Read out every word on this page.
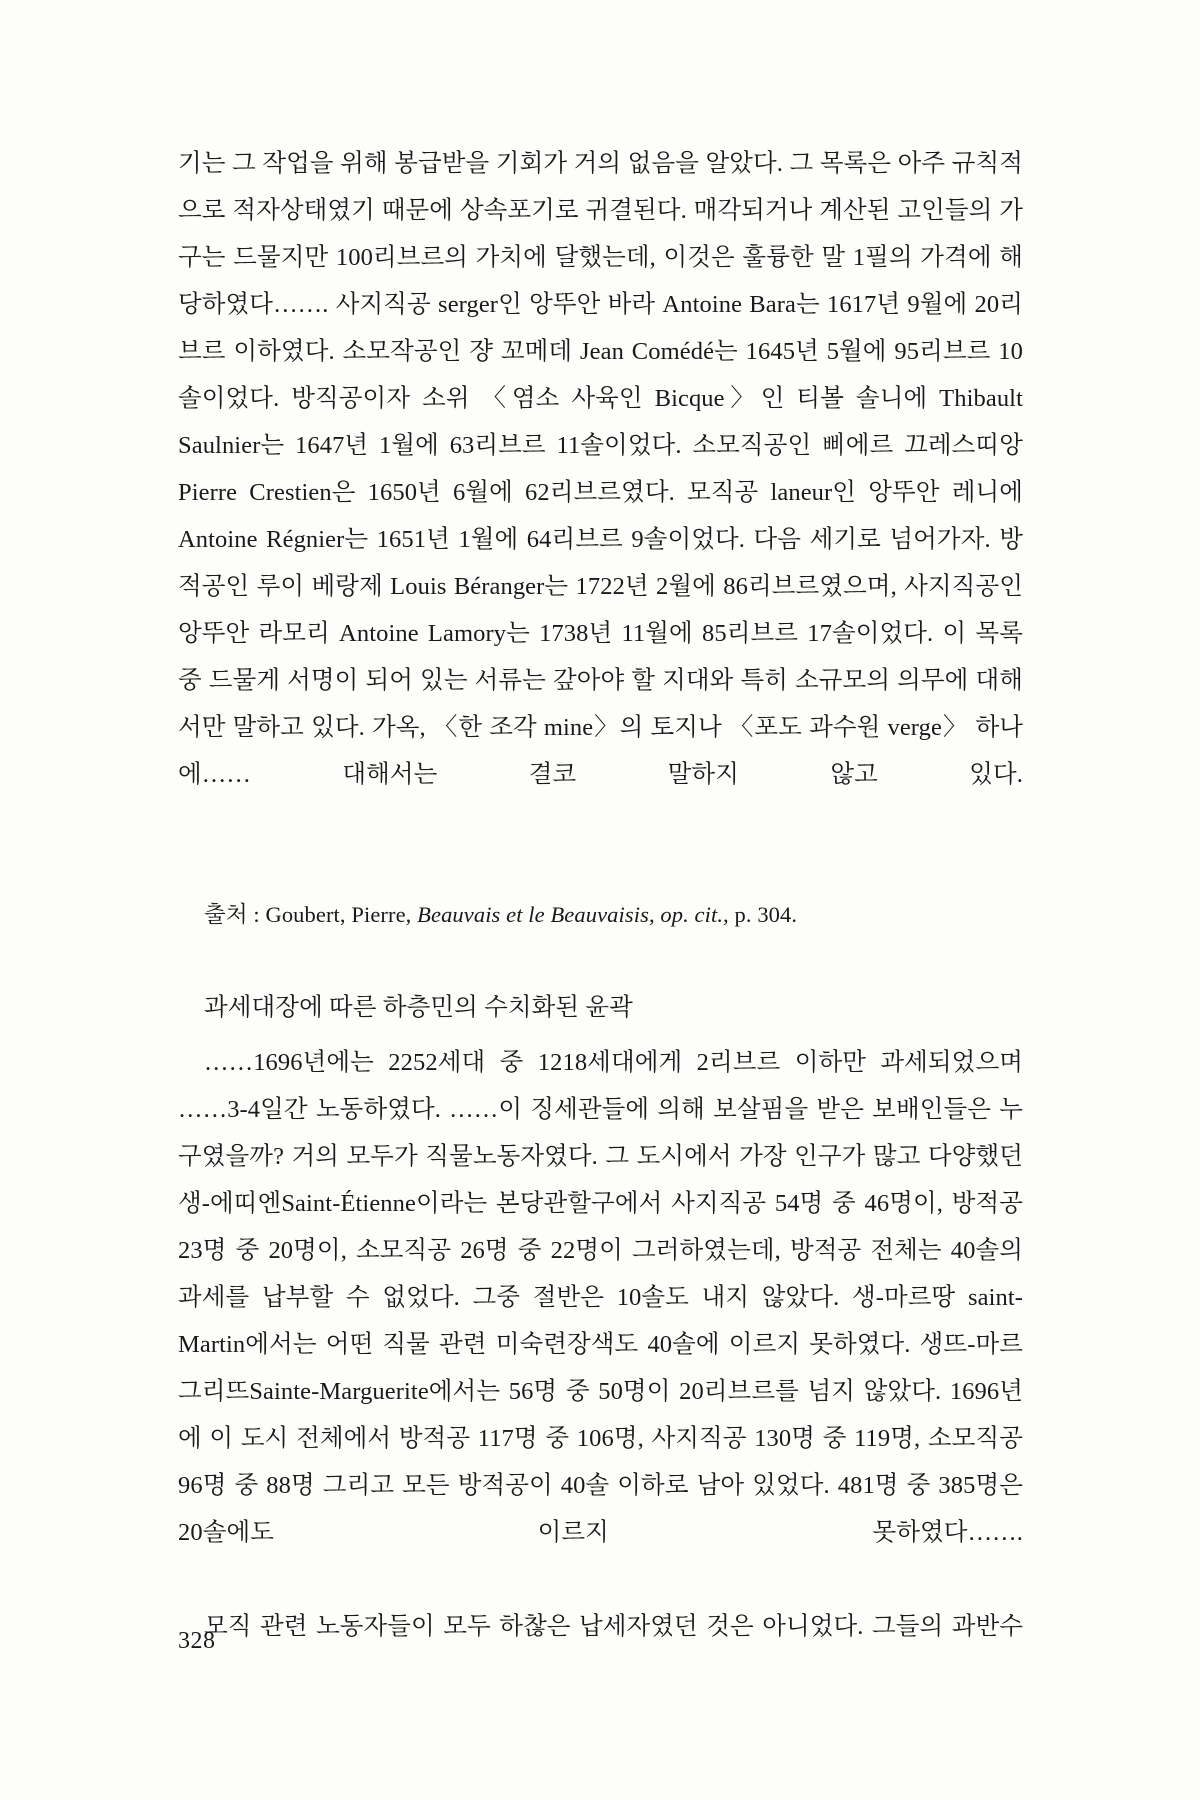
기는 그 작업을 위해 봉급받을 기회가 거의 없음을 알았다. 그 목록은 아주 규칙적으로 적자상태였기 때문에 상속포기로 귀결된다. 매각되거나 계산된 고인들의 가구는 드물지만 100리브르의 가치에 달했는데, 이것은 훌륭한 말 1필의 가격에 해당하였다……. 사지직공 serger인 앙뚜안 바라 Antoine Bara는 1617년 9월에 20리브르 이하였다. 소모작공인 쟝 꼬메데 Jean Comédé는 1645년 5월에 95리브르 10솔이었다. 방직공이자 소위 〈염소 사육인 Bicque〉인 티볼 솔니에 Thibault Saulnier는 1647년 1월에 63리브르 11솔이었다. 소모직공인 삐에르 끄레스띠앙 Pierre Crestien은 1650년 6월에 62리브르였다. 모직공 laneur인 앙뚜안 레니에 Antoine Régnier는 1651년 1월에 64리브르 9솔이었다. 다음 세기로 넘어가자. 방적공인 루이 베랑제 Louis Béranger는 1722년 2월에 86리브르였으며, 사지직공인 앙뚜안 라모리 Antoine Lamory는 1738년 11월에 85리브르 17솔이었다. 이 목록 중 드물게 서명이 되어 있는 서류는 갚아야 할 지대와 특히 소규모의 의무에 대해서만 말하고 있다. 가옥, 〈한 조각 mine〉의 토지나 〈포도 과수원 verge〉 하나에…… 대해서는 결코 말하지 않고 있다.

출처 : Goubert, Pierre, Beauvais et le Beauvaisis, op. cit., p. 304.

과세대장에 따른 하층민의 수치화된 윤곽

……1696년에는 2252세대 중 1218세대에게 2리브르 이하만 과세되었으며 ……3-4일간 노동하였다. ……이 징세관들에 의해 보살핌을 받은 보배인들은 누구였을까? 거의 모두가 직물노동자였다. 그 도시에서 가장 인구가 많고 다양했던 생-에띠엔Saint-Étienne이라는 본당관할구에서 사지직공 54명 중 46명이, 방적공 23명 중 20명이, 소모직공 26명 중 22명이 그러하였는데, 방적공 전체는 40솔의 과세를 납부할 수 없었다. 그중 절반은 10솔도 내지 않았다. 생-마르땅 saint-Martin에서는 어떤 직물 관련 미숙련장색도 40솔에 이르지 못하였다. 생뜨-마르그리뜨Sainte-Marguerite에서는 56명 중 50명이 20리브르를 넘지 않았다. 1696년에 이 도시 전체에서 방적공 117명 중 106명, 사지직공 130명 중 119명, 소모직공 96명 중 88명 그리고 모든 방적공이 40솔 이하로 남아 있었다. 481명 중 385명은 20솔에도 이르지 못하였다…….

모직 관련 노동자들이 모두 하찮은 납세자였던 것은 아니었다. 그들의 과반수

328
